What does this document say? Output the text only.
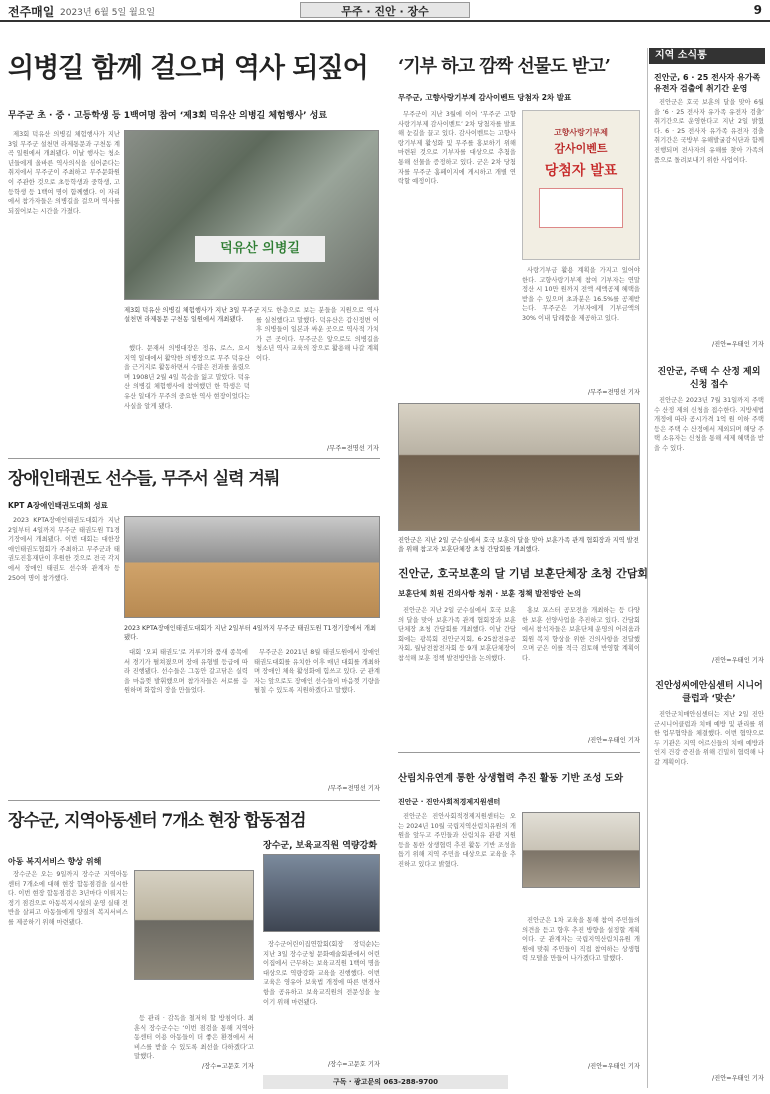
전주매일 2023년 6월 5일 월요일	무주 · 진안 · 장수	9
의병길 함께 걸으며 역사 되짚어
무주군 초 · 중 · 고등학생 등 1백여명 참여 ‘제3회 덕유산 의병길 체험행사’ 성료

제3회 덕유산 의병길 체험행사가 지난 3일 무주군 설천면 라제통문과 구천동 계곡 일원에서 개최됐다. 이날 행사는 청소년들에게 올바른 역사의식을 심어준다는 취지에서 무주군이 주최하고 무주문화원이 주관한 것으로 초등학생과 중학생, 고등학생 등 1백여 명이 함께했다. 이 자리에서 참가자들은 의병길을 걸으며 역사를 되짚어보는 시간을 가졌다.

덕유산 의병길
제3회 덕유산 의병길 체험행사가 지난 3일 무주군 설천면 라제통문 구천동 일원에서 개최됐다.

했다. 문재서 의병대장은 정유, 로스, 요시 지역 일대에서 활약한 의병장으로 무주 덕유산을 근거지로 활동하면서 수많은 전과를 올렸으며 1908년 2월 4일 목숨을 잃고 말았다. 덕유산 의병길 체험행사에 참여했던 한 학생은 덕유산 일대가 무주의 중요한 역사 현장이었다는 사실을 알게 됐다.

지도 한층으로 보는 분들을 지원으로 역사를 실천했다고 말했다. 덕유산은 갑신정변 이후 의병들이 일본과 싸운 곳으로 역사적 가치가 큰 곳이다. 무주군은 앞으로도 의병길을 청소년 역사 교육의 장으로 활용해 나갈 계획이다.

/무주=전명선 기자
‘기부 하고 깜짝 선물도 받고’
무주군, 고향사랑기부제 감사이벤트 당첨자 2차 발표

무주군이 지난 3월에 이어 ‘무주군 고향사랑기부제 감사이벤트’ 2차 당첨자를 발표해 눈길을 끌고 있다. 감사이벤트는 고향사랑기부제 활성화 및 무주를 홍보하기 위해 마련된 것으로 기부자를 대상으로 추첨을 통해 선물을 증정하고 있다. 군은 2차 당첨자를 무주군 홈페이지에 게시하고 개별 연락할 예정이다.

고향사랑기부제
감사이벤트
당첨자 발표

사랑기부금 활용 계획을 가지고 있어야 한다. 고향사랑기부제 참여 기부자는 연말정산 시 10만 원까지 전액 세액공제 혜택을 받을 수 있으며 초과분은 16.5%를 공제받는다. 무주군은 기부자에게 기부금액의 30% 이내 답례품을 제공하고 있다.

/무주=전명선 기자
장애인태권도 선수들, 무주서 실력 겨뤄
KPT A장애인태권도대회 성료

2023 KPTA장애인태권도대회가 지난 2일부터 4일까지 무주군 태권도원 T1경기장에서 개최됐다. 이번 대회는 대한장애인태권도협회가 주최하고 무주군과 태권도진흥재단이 후원한 것으로 전국 각지에서 장애인 태권도 선수와 관계자 등 250여 명이 참가했다.

2023 KPTA장애인태권도대회가 지난 2일부터 4일까지 무주군 태권도원 T1경기장에서 개최됐다.

대회 ‘오피 태권도’로 겨루기와 품새 종목에서 경기가 펼쳐졌으며 장애 유형별 등급에 따라 진행됐다. 선수들은 그동안 갈고닦은 실력을 마음껏 발휘했으며 참가자들은 서로를 응원하며 화합의 장을 만들었다.

무주군은 2021년 8월 태권도원에서 장애인태권도대회를 유치한 이후 매년 대회를 개최하며 장애인 체육 활성화에 힘쓰고 있다. 군 관계자는 앞으로도 장애인 선수들이 마음껏 기량을 펼칠 수 있도록 지원하겠다고 말했다.

/무주=전명선 기자
진안군은 지난 2일 군수실에서 호국 보훈의 달을 맞아 보훈가족 관계 협회장과 지역 발전을 위해 참고자 보훈단체장 초청 간담회를 개최했다.
진안군, 호국보훈의 달 기념 보훈단체장 초청 간담회
보훈단체 회원 건의사항 청취 · 보훈 정책 발전방안 논의

진안군은 지난 2일 군수실에서 호국 보훈의 달을 맞아 보훈가족 관계 협회장과 보훈단체장 초청 간담회를 개최했다. 이날 간담회에는 광복회 진안군지회, 6·25참전유공자회, 월남전참전자회 등 9개 보훈단체장이 참석해 보훈 정책 발전방안을 논의했다.

홍보 포스터 공모전을 개최하는 등 다양한 보훈 선양사업을 추진하고 있다. 간담회에서 참석자들은 보훈단체 운영의 어려움과 회원 복지 향상을 위한 건의사항을 전달했으며 군은 이를 적극 검토해 반영할 계획이다.

/진안=우태인 기자
산림치유연계 통한 상생협력 추진 활동 기반 조성 도와
진안군 · 진안사회적경제지원센터

진안군은 진안사회적경제지원센터는 오는 2024년 10월 국립지역산림치유원의 개원을 앞두고 주민들과 산림치유 관광 지원 등을 통한 상생협력 추진 활동 기반 조성을 돕기 위해 지역 주민을 대상으로 교육을 추진하고 있다고 밝혔다.

진안군은 1차 교육을 통해 참여 주민들의 의견을 듣고 향후 추진 방향을 설정할 계획이다. 군 관계자는 국립지역산림치유원 개원에 맞춰 주민들이 직접 참여하는 상생협력 모델을 만들어 나가겠다고 말했다.

/진안=우태인 기자
장수군, 지역아동센터 7개소 현장 합동점검
아동 복지서비스 향상 위해

장수군은 오는 9일까지 장수군 지역아동센터 7개소에 대해 현장 합동점검을 실시한다. 이번 현장 합동점검은 3년마다 이뤄지는 정기 점검으로 아동복지시설의 운영 실태 전반을 살피고 아동들에게 양질의 복지서비스를 제공하기 위해 마련됐다.

등 관리 · 감독을 철저히 할 방침이다. 최훈식 장수군수는 ‘이번 점검을 통해 지역아동센터 이용 아동들이 더 좋은 환경에서 서비스를 받을 수 있도록 최선을 다하겠다’고 말했다.

/장수=고문호 기자
장수군, 보육교직원 역량강화

장수군어린이집연합회(회장 장덕순)는 지난 3일 장수군청 문화예술회관에서 어린이집에서 근무하는 보육교직원 1백여 명을 대상으로 역량강화 교육을 진행했다. 이번 교육은 영유아 보육법 개정에 따른 변경사항을 공유하고 보육교직원의 전문성을 높이기 위해 마련됐다.

/장수=고문호 기자
구독 · 광고문의 063-288-9700
지역 소식통
진안군, 6 · 25 전사자 유가족 유전자 검출에 취기간 운영

진안군은 호국 보훈의 달을 맞아 6월을 ‘6 · 25 전사자 유가족 유전자 검출’ 취기간으로 운영한다고 지난 2일 밝혔다. 6 · 25 전사자 유가족 유전자 검출 취기간은 국방부 유해발굴감식단과 함께 진행되며 전사자의 유해를 찾아 가족의 품으로 돌려보내기 위한 사업이다.

/진안=우태인 기자
진안군, 주택 수 산정 제외 신청 접수

진안군은 2023년 7월 31일까지 주택 수 산정 제외 신청을 접수한다. 지방세법 개정에 따라 공시가격 1억 원 이하 주택 등은 주택 수 산정에서 제외되며 해당 주택 소유자는 신청을 통해 세제 혜택을 받을 수 있다.

/진안=우태인 기자
진안성씨에안심센터 시니어클럽과 ‘맞손’

진안군치매안심센터는 지난 2일 진안군시니어클럽과 치매 예방 및 관리를 위한 업무협약을 체결했다. 이번 협약으로 두 기관은 지역 어르신들의 치매 예방과 인지 건강 증진을 위해 긴밀히 협력해 나갈 계획이다.

/진안=우태인 기자
